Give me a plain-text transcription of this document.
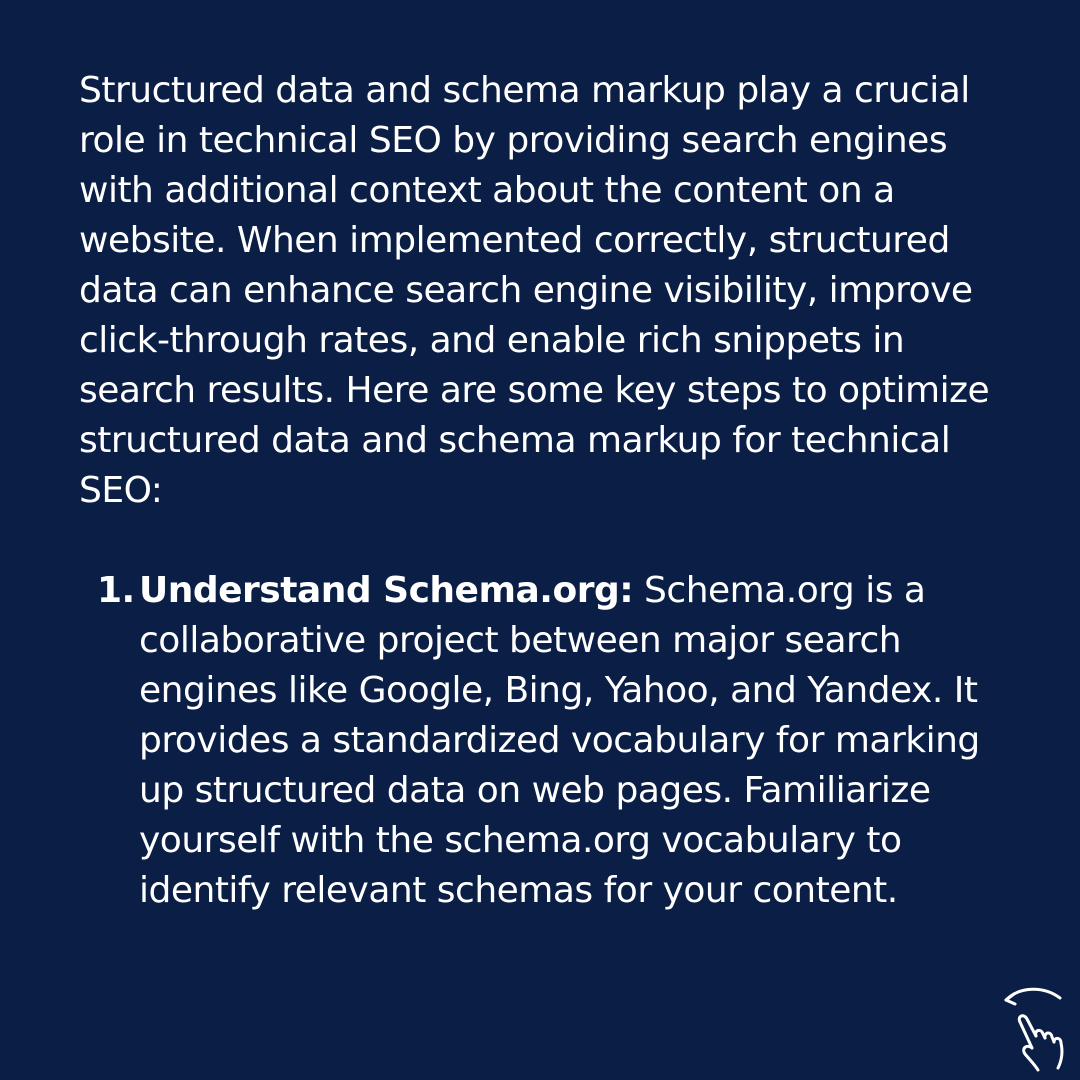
Structured data and schema markup play a crucial role in technical SEO by providing search engines with additional context about the content on a website. When implemented correctly, structured data can enhance search engine visibility, improve click-through rates, and enable rich snippets in search results. Here are some key steps to optimize structured data and schema markup for technical SEO:

1. Understand Schema.org: Schema.org is a collaborative project between major search engines like Google, Bing, Yahoo, and Yandex. It provides a standardized vocabulary for marking up structured data on web pages. Familiarize yourself with the schema.org vocabulary to identify relevant schemas for your content.
